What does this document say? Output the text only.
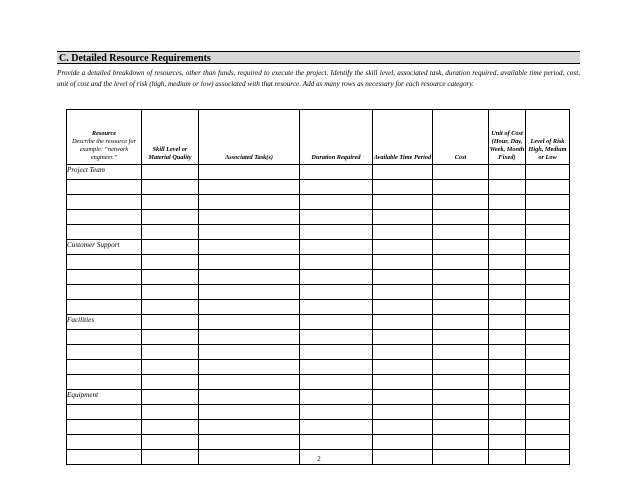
C. Detailed Resource Requirements
Provide a detailed breakdown of resources, other than funds, required to execute the project. Identify the skill level, associated task, duration required, available time period, cost, unit of cost and the level of risk (high, medium or low) associated with that resource. Add as many rows as necessary for each resource category.
Resource
Describe the resource for example: “network engineer.”	Skill Level or Material Quality	Associated Task(s)	Duration Required	Available Time Period	Cost	Unit of Cost (Hour, Day, Week, Month Fixed)	Level of Risk High, Medium or Low
Project Team							

Customer Support							

Facilities							

Equipment							

2
